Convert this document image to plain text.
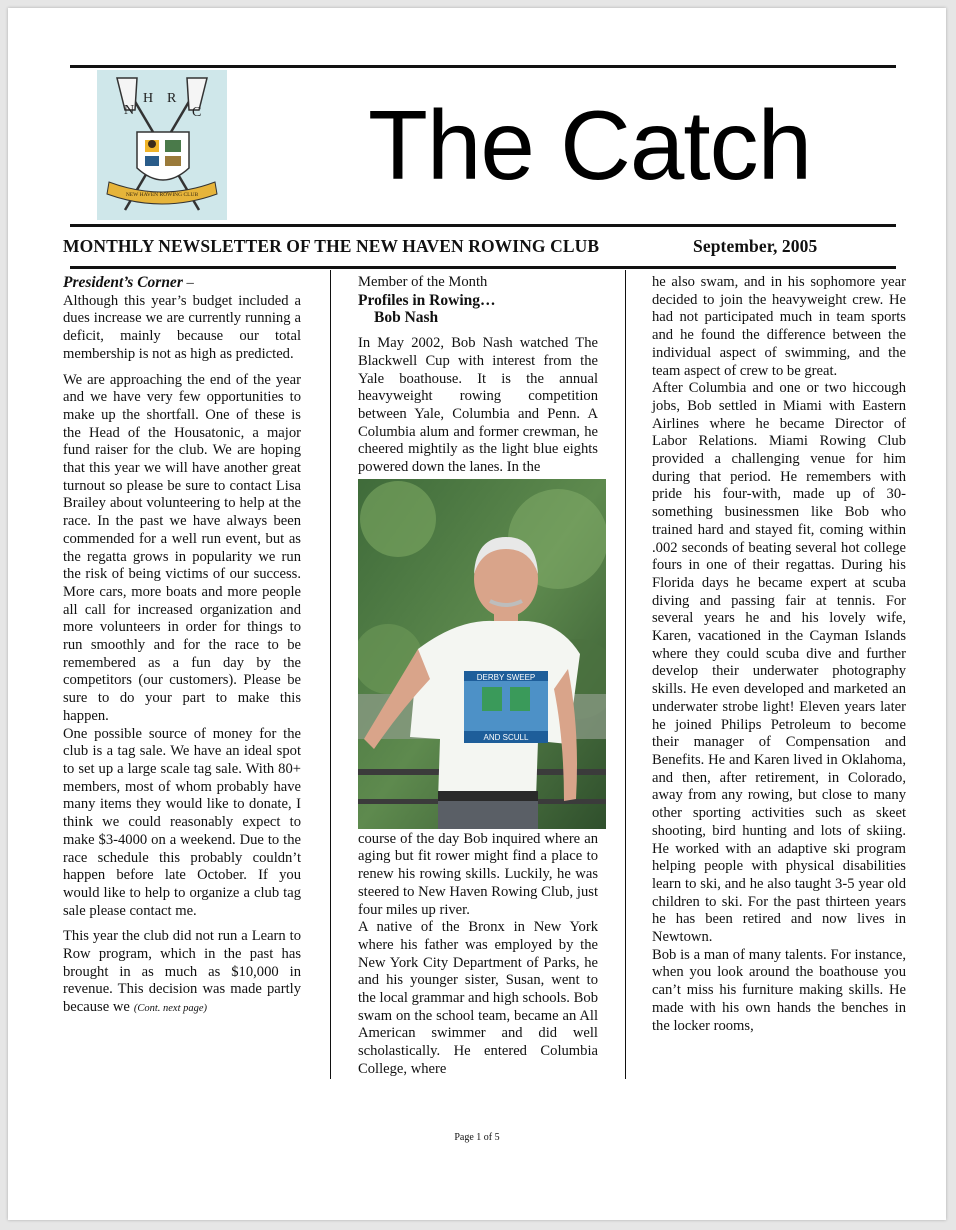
N
H R
C
NEW HAVEN ROWING CLUB The Catch
MONTHLY NEWSLETTER OF THE NEW HAVEN ROWING CLUB	September, 2005

President’s Corner –

Although this year’s budget included a dues increase we are currently running a deficit, mainly because our total membership is not as high as predicted.

We are approaching the end of the year and we have very few opportunities to make up the shortfall. One of these is the Head of the Housatonic, a major fund raiser for the club. We are hoping that this year we will have another great turnout so please be sure to contact Lisa Brailey about volunteering to help at the race. In the past we have always been commended for a well run event, but as the regatta grows in popularity we run the risk of being victims of our success. More cars, more boats and more people all call for increased organization and more volunteers in order for things to run smoothly and for the race to be remembered as a fun day by the competitors (our customers). Please be sure to do your part to make this happen.

One possible source of money for the club is a tag sale. We have an ideal spot to set up a large scale tag sale. With 80+ members, most of whom probably have many items they would like to donate, I think we could reasonably expect to make $3-4000 on a weekend. Due to the race schedule this probably couldn’t happen before late October. If you would like to help to organize a club tag sale please contact me.

This year the club did not run a Learn to Row program, which in the past has brought in as much as $10,000 in revenue. This decision was made partly because we (Cont. next page)

Member of the Month

Profiles in Rowing…

Bob Nash

In May 2002, Bob Nash watched The Blackwell Cup with interest from the Yale boathouse. It is the annual heavyweight rowing competition between Yale, Columbia and Penn. A Columbia alum and former crewman, he cheered mightily as the light blue eights powered down the lanes. In the

DERBY SWEEP
AND SCULL

course of the day Bob inquired where an aging but fit rower might find a place to renew his rowing skills. Luckily, he was steered to New Haven Rowing Club, just four miles up river.

A native of the Bronx in New York where his father was employed by the New York City Department of Parks, he and his younger sister, Susan, went to the local grammar and high schools. Bob swam on the school team, became an All American swimmer and did well scholastically. He entered Columbia College, where

he also swam, and in his sophomore year decided to join the heavyweight crew. He had not participated much in team sports and he found the difference between the individual aspect of swimming, and the team aspect of crew to be great.

After Columbia and one or two hiccough jobs, Bob settled in Miami with Eastern Airlines where he became Director of Labor Relations. Miami Rowing Club provided a challenging venue for him during that period. He remembers with pride his four-with, made up of 30-something businessmen like Bob who trained hard and stayed fit, coming within .002 seconds of beating several hot college fours in one of their regattas. During his Florida days he became expert at scuba diving and passing fair at tennis. For several years he and his lovely wife, Karen, vacationed in the Cayman Islands where they could scuba dive and further develop their underwater photography skills. He even developed and marketed an underwater strobe light! Eleven years later he joined Philips Petroleum to become their manager of Compensation and Benefits. He and Karen lived in Oklahoma, and then, after retirement, in Colorado, away from any rowing, but close to many other sporting activities such as skeet shooting, bird hunting and lots of skiing. He worked with an adaptive ski program helping people with physical disabilities learn to ski, and he also taught 3-5 year old children to ski. For the past thirteen years he has been retired and now lives in Newtown.

Bob is a man of many talents. For instance, when you look around the boathouse you can’t miss his furniture making skills. He made with his own hands the benches in the locker rooms,

Page 1 of 5
